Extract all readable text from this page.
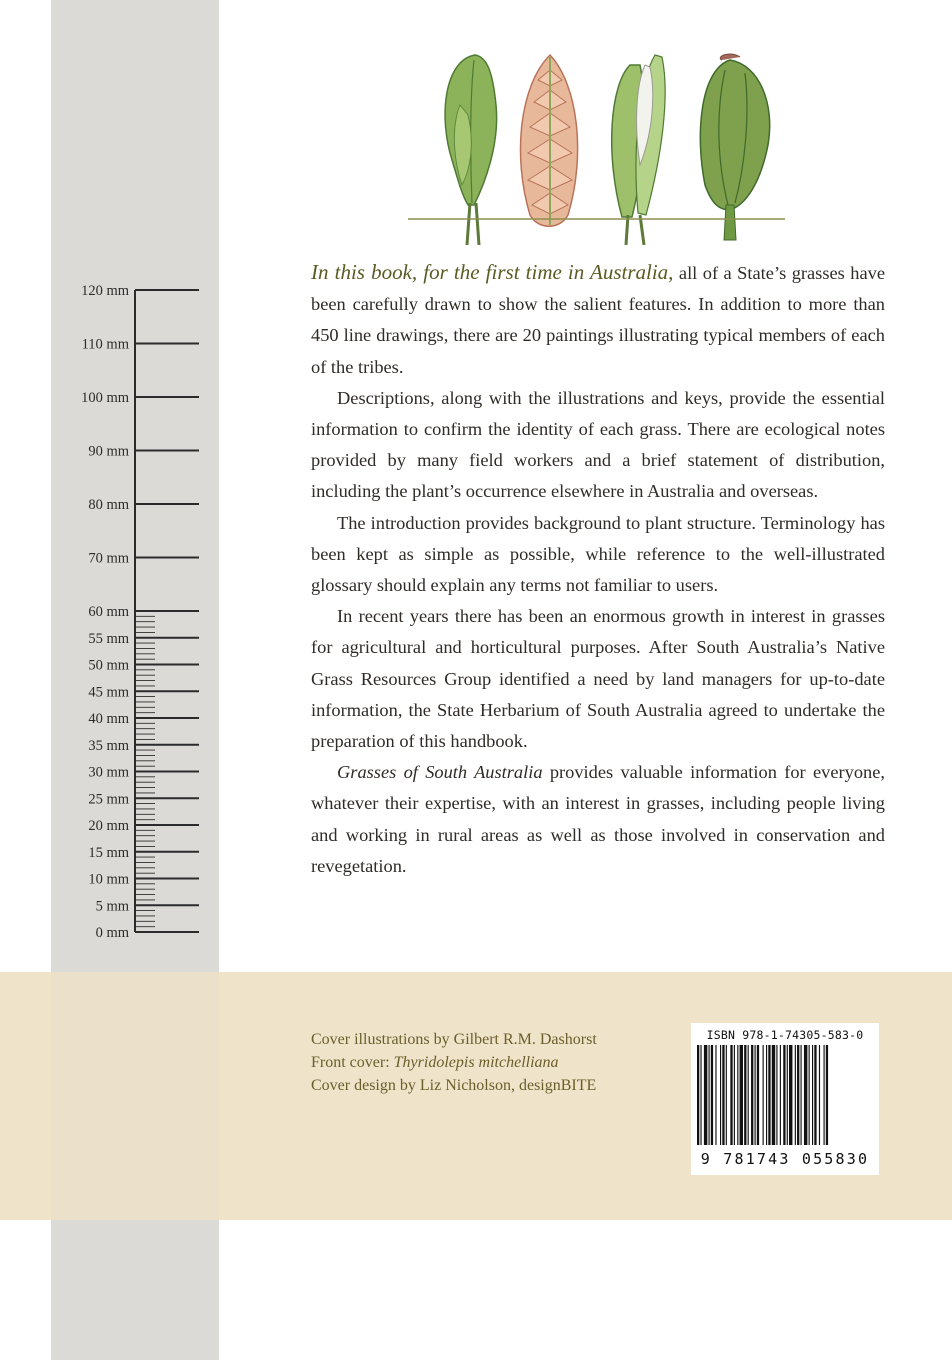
120 mm
110 mm
100 mm
90 mm
80 mm
70 mm
60 mm
55 mm
50 mm
45 mm
40 mm
35 mm
30 mm
25 mm
20 mm
15 mm
10 mm
5 mm
0 mm

In this book, for the first time in Australia, all of a State’s grasses have been carefully drawn to show the salient features. In addition to more than 450 line drawings, there are 20 paintings illustrating typical members of each of the tribes.

Descriptions, along with the illustrations and keys, provide the essential information to confirm the identity of each grass. There are ecological notes provided by many field workers and a brief statement of distribution, including the plant’s occurrence elsewhere in Australia and overseas.

The introduction provides background to plant structure. Terminology has been kept as simple as possible, while reference to the well-illustrated glossary should explain any terms not familiar to users.

In recent years there has been an enormous growth in interest in grasses for agricultural and horticultural purposes. After South Australia’s Native Grass Resources Group identified a need by land managers for up-to-date information, the State Herbarium of South Australia agreed to undertake the preparation of this handbook.

Grasses of South Australia provides valuable information for everyone, whatever their expertise, with an interest in grasses, including people living and working in rural areas as well as those involved in conservation and revegetation.

Cover illustrations by Gilbert R.M. Dashorst
Front cover: Thyridolepis mitchelliana
Cover design by Liz Nicholson, designBITE
ISBN 978-1-74305-583-0
9 781743 055830
